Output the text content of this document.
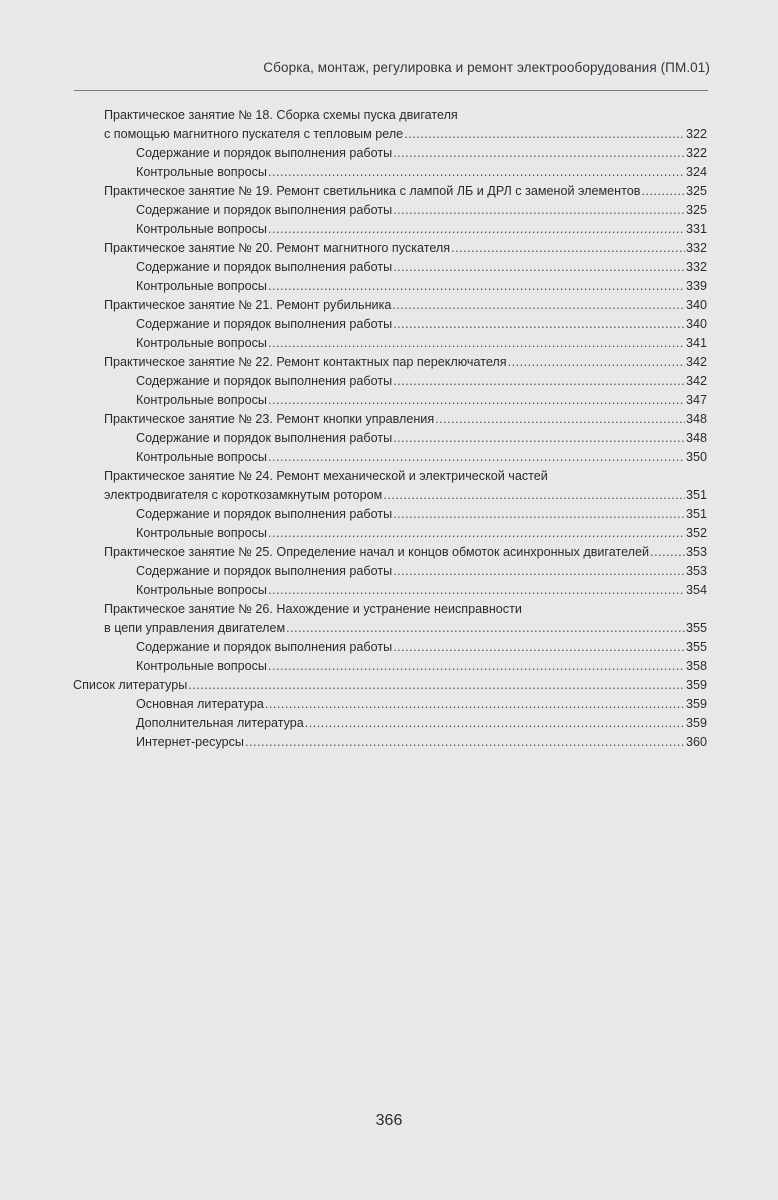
Сборка, монтаж, регулировка и ремонт электрооборудования (ПМ.01)
Практическое занятие № 18. Сборка схемы пуска двигателя
с помощью магнитного пускателя с тепловым реле .....	322
Содержание и порядок выполнения работы .....	322
Контрольные вопросы .....	324
Практическое занятие № 19. Ремонт светильника с лампой ЛБ и ДРЛ с заменой элементов .....	325
Содержание и порядок выполнения работы .....	325
Контрольные вопросы .....	331
Практическое занятие № 20. Ремонт магнитного пускателя .....	332
Содержание и порядок выполнения работы .....	332
Контрольные вопросы .....	339
Практическое занятие № 21. Ремонт рубильника .....	340
Содержание и порядок выполнения работы .....	340
Контрольные вопросы .....	341
Практическое занятие № 22. Ремонт контактных пар переключателя .....	342
Содержание и порядок выполнения работы .....	342
Контрольные вопросы .....	347
Практическое занятие № 23. Ремонт кнопки управления .....	348
Содержание и порядок выполнения работы .....	348
Контрольные вопросы .....	350
Практическое занятие № 24. Ремонт механической и электрической частей
электродвигателя с короткозамкнутым ротором .....	351
Содержание и порядок выполнения работы .....	351
Контрольные вопросы .....	352
Практическое занятие № 25. Определение начал и концов обмоток асинхронных двигателей .....	353
Содержание и порядок выполнения работы .....	353
Контрольные вопросы .....	354
Практическое занятие № 26. Нахождение и устранение неисправности
в цепи управления двигателем .....	355
Содержание и порядок выполнения работы .....	355
Контрольные вопросы .....	358
Список литературы .....	359
Основная литература .....	359
Дополнительная литература .....	359
Интернет-ресурсы .....	360
366
